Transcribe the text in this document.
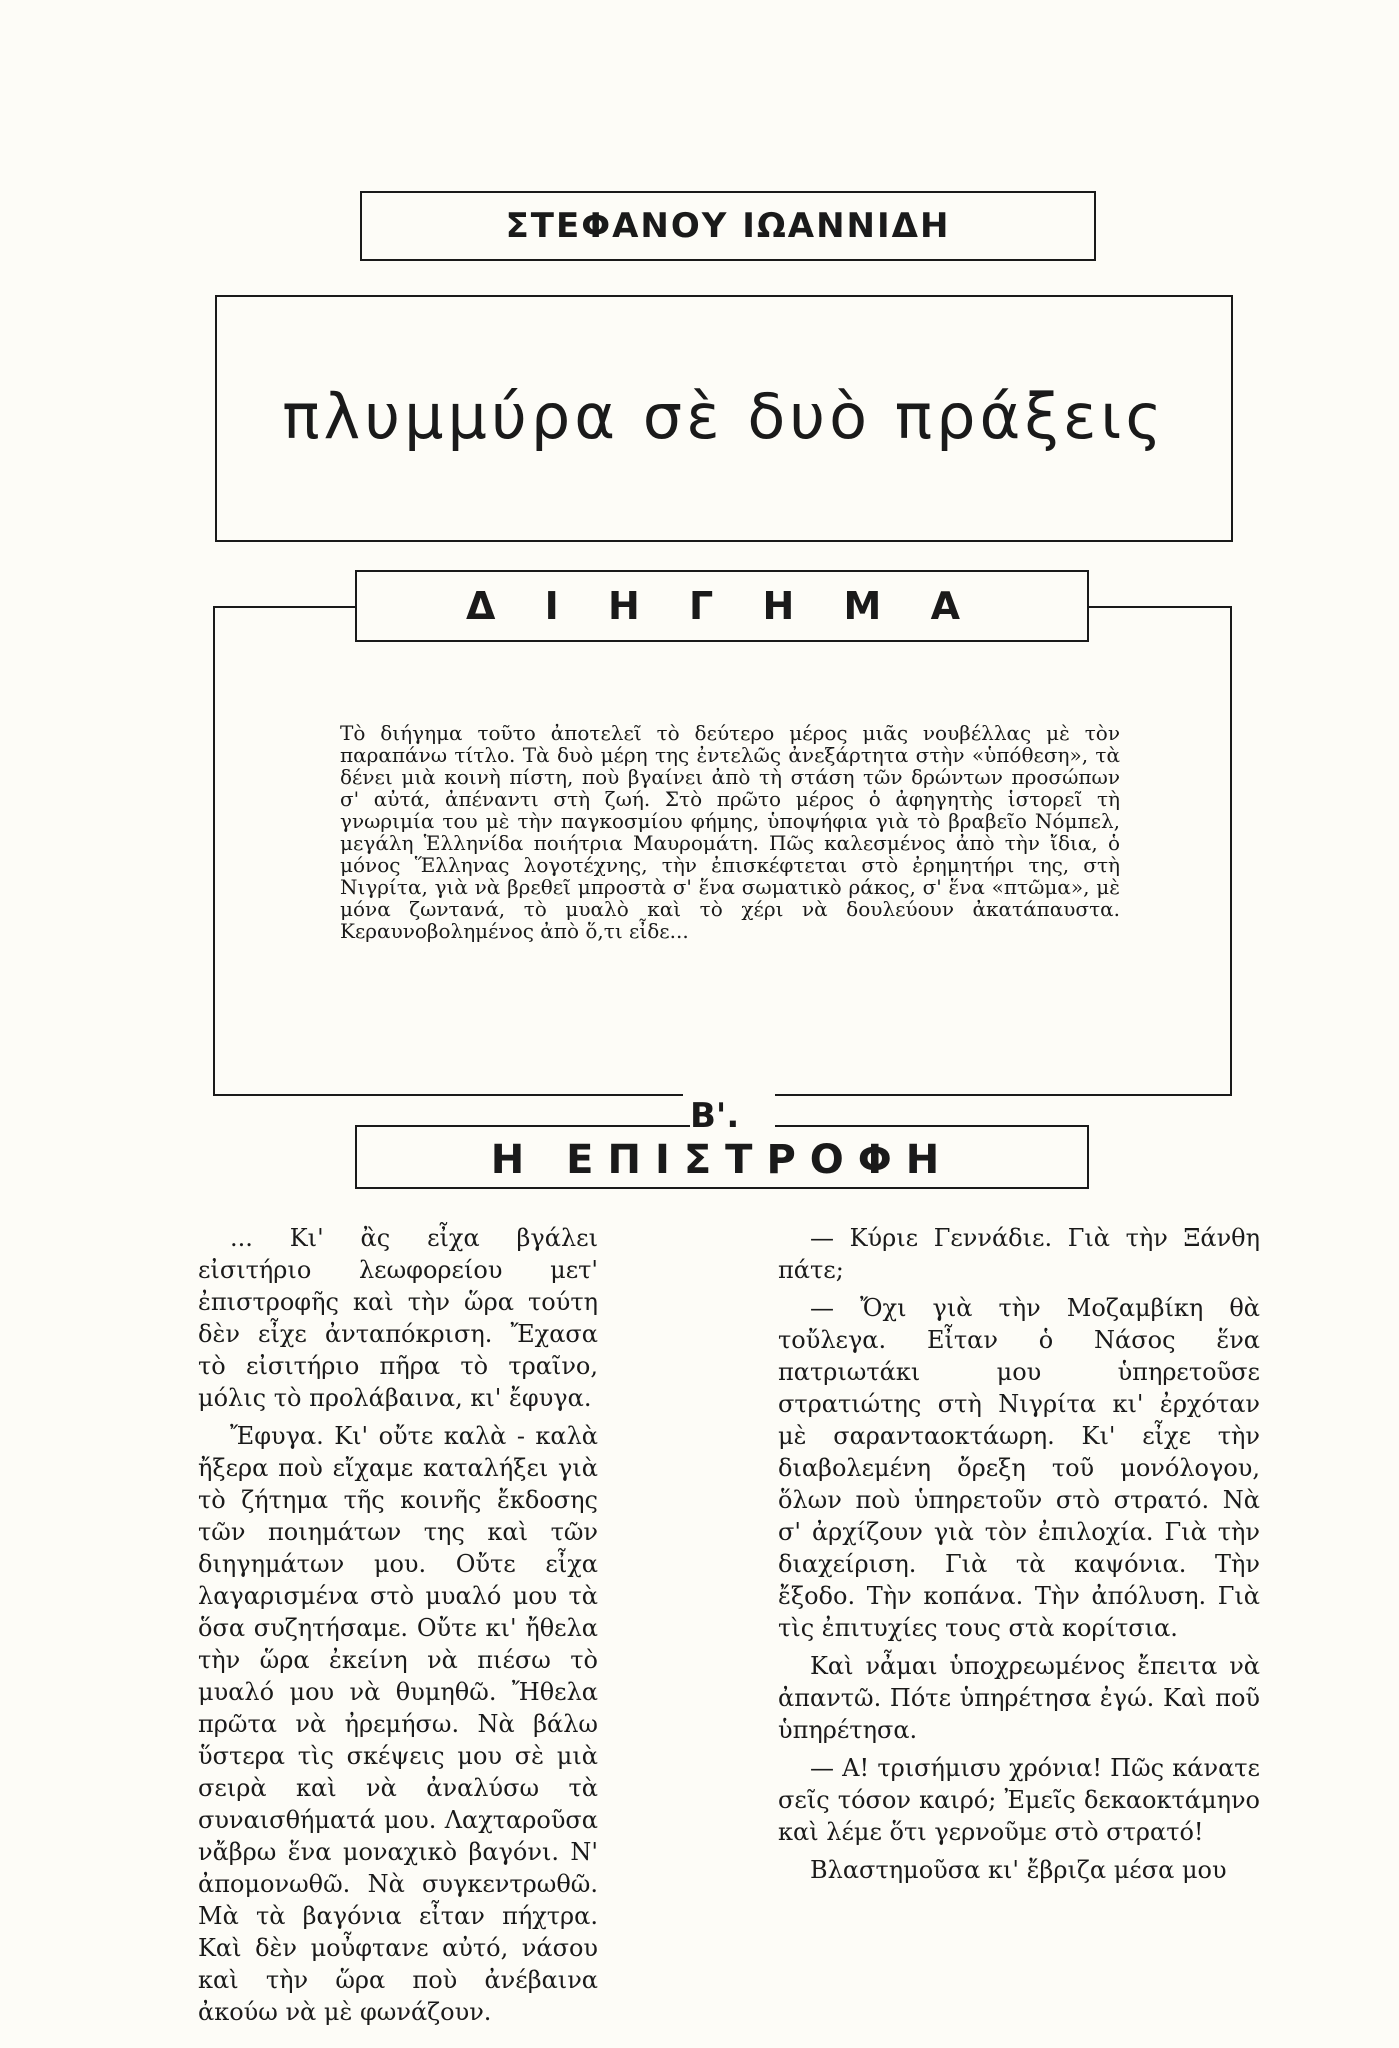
ΣΤΕΦΑΝΟΥ ΙΩΑΝΝΙΔΗ
πλυμμύρα σὲ δυὸ πράξεις
Δ Ι Η Γ Η Μ Α
Τὸ διήγημα τοῦτο ἀποτελεῖ τὸ δεύτερο μέρος μιᾶς νουβέλλας μὲ τὸν παραπάνω τίτλο. Τὰ δυὸ μέρη της ἐντελῶς ἀνεξάρτητα στὴν «ὑπόθεση», τὰ δένει μιὰ κοινὴ πίστη, ποὺ βγαίνει ἀπὸ τὴ στάση τῶν δρώντων προσώπων σ' αὐτά, ἀπέναντι στὴ ζωή. Στὸ πρῶτο μέρος ὁ ἀφηγητὴς ἱστορεῖ τὴ γνωριμία του μὲ τὴν παγκοσμίου φήμης, ὑποψήφια γιὰ τὸ βραβεῖο Νόμπελ, μεγάλη Ἑλληνίδα ποιήτρια Μαυρομάτη. Πῶς καλεσμένος ἀπὸ τὴν ἴδια, ὁ μόνος Ἕλληνας λογοτέχνης, τὴν ἐπισκέφτεται στὸ ἐρημητήρι της, στὴ Νιγρίτα, γιὰ νὰ βρεθεῖ μπροστὰ σ' ἕνα σωματικὸ ράκος, σ' ἕνα «πτῶμα», μὲ μόνα ζωντανά, τὸ μυαλὸ καὶ τὸ χέρι νὰ δουλεύουν ἀκατάπαυστα. Κεραυνοβολημένος ἀπὸ ὅ,τι εἶδε...
Β'.
Η ΕΠΙΣΤΡΟΦΗ

... Κι' ἂς εἶχα βγάλει εἰσιτήριο λεωφορείου μετ' ἐπιστροφῆς καὶ τὴν ὥρα τούτη δὲν εἶχε ἀνταπόκριση. Ἔχασα τὸ εἰσιτήριο πῆρα τὸ τραῖνο, μόλις τὸ προλάβαινα, κι' ἔφυγα.

Ἔφυγα. Κι' οὔτε καλὰ - καλὰ ἤξερα ποὺ εἴχαμε καταλήξει γιὰ τὸ ζήτημα τῆς κοινῆς ἔκδοσης τῶν ποιημάτων της καὶ τῶν διηγημάτων μου. Οὔτε εἶχα λαγαρισμένα στὸ μυαλό μου τὰ ὅσα συζητήσαμε. Οὔτε κι' ἤθελα τὴν ὥρα ἐκείνη νὰ πιέσω τὸ μυαλό μου νὰ θυμηθῶ. Ἤθελα πρῶτα νὰ ἠρεμήσω. Νὰ βάλω ὕστερα τὶς σκέψεις μου σὲ μιὰ σειρὰ καὶ νὰ ἀναλύσω τὰ συναισθήματά μου. Λαχταροῦσα νἄβρω ἕνα μοναχικὸ βαγόνι. Ν' ἀπομονωθῶ. Νὰ συγκεντρωθῶ. Μὰ τὰ βαγόνια εἶταν πήχτρα. Καὶ δὲν μοὖφτανε αὐτό, νάσου καὶ τὴν ὥρα ποὺ ἀνέβαινα ἀκούω νὰ μὲ φωνάζουν.

— Κύριε Γεννάδιε. Γιὰ τὴν Ξάνθη πάτε;

— Ὄχι γιὰ τὴν Μοζαμβίκη θὰ τοὔλεγα. Εἶταν ὁ Νάσος ἕνα πατριωτάκι μου ὑπηρετοῦσε στρατιώτης στὴ Νιγρίτα κι' ἐρχόταν μὲ σαρανταοκτάωρη. Κι' εἶχε τὴν διαβολεμένη ὄρεξη τοῦ μονόλογου, ὅλων ποὺ ὑπηρετοῦν στὸ στρατό. Νὰ σ' ἀρχίζουν γιὰ τὸν ἐπιλοχία. Γιὰ τὴν διαχείριση. Γιὰ τὰ καψόνια. Τὴν ἔξοδο. Τὴν κοπάνα. Τὴν ἀπόλυση. Γιὰ τὶς ἐπιτυχίες τους στὰ κορίτσια.

Καὶ νἆμαι ὑποχρεωμένος ἔπειτα νὰ ἀπαντῶ. Πότε ὑπηρέτησα ἐγώ. Καὶ ποῦ ὑπηρέτησα.

— Α! τρισήμισυ χρόνια! Πῶς κάνατε σεῖς τόσον καιρό; Ἐμεῖς δεκαοκτάμηνο καὶ λέμε ὅτι γερνοῦμε στὸ στρατό!

Βλαστημοῦσα κι' ἔβριζα μέσα μου
